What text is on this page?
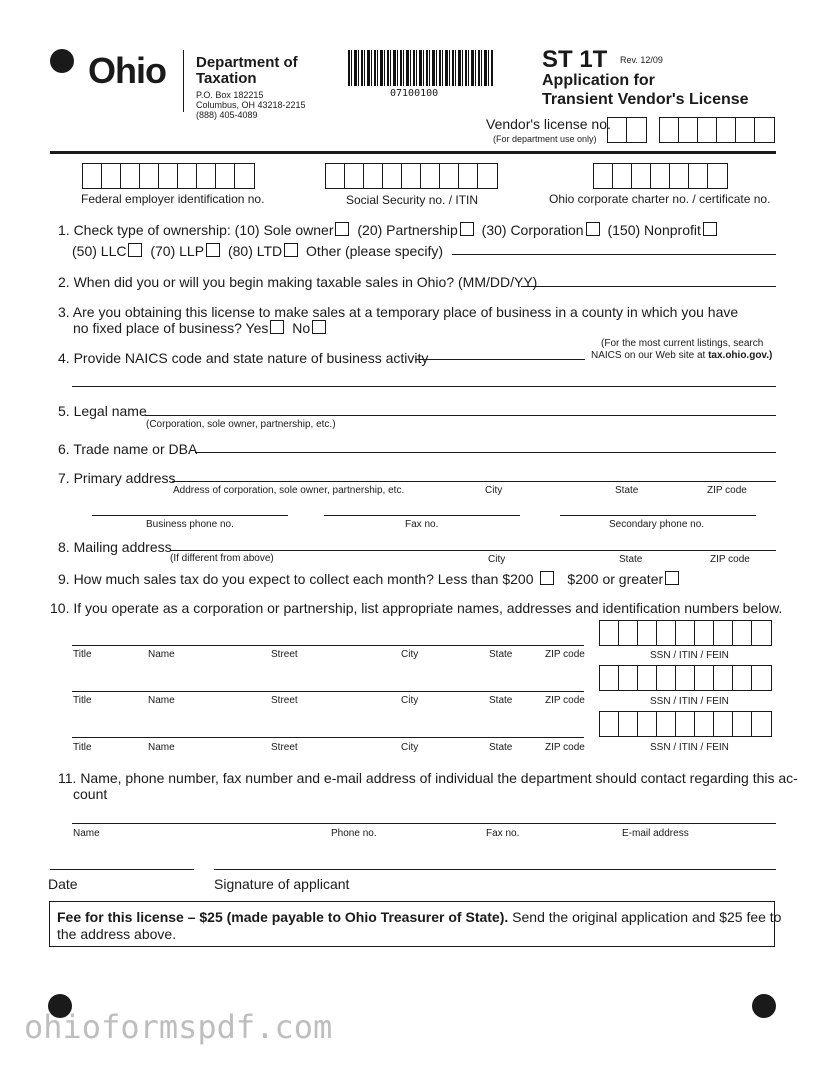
Ohio Department of
Taxation
P.O. Box 182215
Columbus, OH 43218-2215
(888) 405-4089
07100100
ST 1T Rev. 12/09
Application for
Transient Vendor's License
Vendor's license no.
(For department use only)
Federal employer identification no.	Social Security no. / ITIN	Ohio corporate charter no. / certificate no.
1. Check type of ownership: (10) Sole owner (20) Partnership (30) Corporation (150) Nonprofit
(50) LLC (70) LLP (80) LTD Other (please specify)
2. When did you or will you begin making taxable sales in Ohio? (MM/DD/YY)
3. Are you obtaining this license to make sales at a temporary place of business in a county in which you have
no fixed place of business? Yes No
4. Provide NAICS code and state nature of business activity
(For the most current listings, search
NAICS on our Web site at tax.ohio.gov.)
5. Legal name
(Corporation, sole owner, partnership, etc.)
6. Trade name or DBA
7. Primary address
Address of corporation, sole owner, partnership, etc.	City	State	ZIP code
Business phone no.	Fax no.	Secondary phone no.
8. Mailing address
(If different from above)	City	State	ZIP code
9. How much sales tax do you expect to collect each month? Less than $200 $200 or greater
10. If you operate as a corporation or partnership, list appropriate names, addresses and identification numbers below.
Title	Name	Street	City	State	ZIP code	SSN / ITIN / FEIN
Title	Name	Street	City	State	ZIP code	SSN / ITIN / FEIN
Title	Name	Street	City	State	ZIP code	SSN / ITIN / FEIN
11. Name, phone number, fax number and e-mail address of individual the department should contact regarding this ac-
count
Name	Phone no.	Fax no.	E-mail address
Date	Signature of applicant
Fee for this license – $25 (made payable to Ohio Treasurer of State). Send the original application and $25 fee to
the address above.
ohioformspdf.com
